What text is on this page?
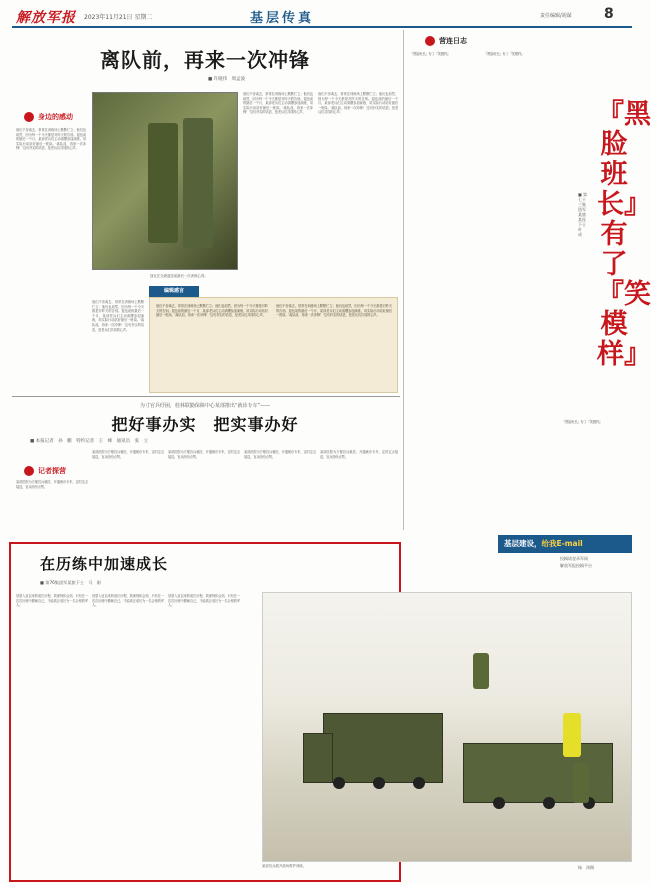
解放军报 2023年11月21日 星期二	基层传真	责任编辑/胡谋 8
离队前，再来一次冲锋
■ 许晓伟　周孟波
身边的感动
他们不舍离去，常常在训练场上默默伫立；他们也坦然，因为每一个今天都是对昨天的告别。退伍前的最后一个月，某部老兵们主动请缨参加演练，用实际行动站好最后一班岗。'离队前，再来一次冲锋！'这句朴实的话语，是老兵们共同的心声。
战友在交流退伍前最后一次训练心得。
他们不舍离去，常常在训练场上默默伫立；他们也坦然，因为每一个今天都是对昨天的告别。退伍前的最后一个月，某部老兵们主动请缨参加演练，用实际行动站好最后一班岗。'离队前，再来一次冲锋！'这句朴实的话语，是老兵们共同的心声。
他们不舍离去，常常在训练场上默默伫立；他们也坦然，因为每一个今天都是对昨天的告别。退伍前的最后一个月，某部老兵们主动请缨参加演练，用实际行动站好最后一班岗。'离队前，再来一次冲锋！'这句朴实的话语，是老兵们共同的心声。
编辑感言
他们不舍离去，常常在训练场上默默伫立；他们也坦然，因为每一个今天都是对昨天的告别。退伍前的最后一个月，某部老兵们主动请缨参加演练，用实际行动站好最后一班岗。'离队前，再来一次冲锋！'这句朴实的话语，是老兵们共同的心声。
他们不舍离去，常常在训练场上默默伫立；他们也坦然，因为每一个今天都是对昨天的告别。退伍前的最后一个月，某部老兵们主动请缨参加演练，用实际行动站好最后一班岗。'离队前，再来一次冲锋！'这句朴实的话语，是老兵们共同的心声。
他们不舍离去，常常在训练场上默默伫立；他们也坦然，因为每一个今天都是对昨天的告别。退伍前的最后一个月，某部老兵们主动请缨参加演练，用实际行动站好最后一班岗。'离队前，再来一次冲锋！'这句朴实的话语，是老兵们共同的心声。
为寸官兵纾困，桂林联勤保障中心某部推出“就诊专车”——
把好事办实　把实事办好
■ 本报记者　孙　鹏　特约记者　王　峰　通讯员　张　立
记者探营
某部医院为方便官兵就医，开通就诊专车，定时定点接送，官兵纷纷点赞。
某部医院为方便官兵就医，开通就诊专车，定时定点接送，官兵纷纷点赞。
某部医院为方便官兵就医，开通就诊专车，定时定点接送，官兵纷纷点赞。
某部医院为方便官兵就医，开通就诊专车，定时定点接送，官兵纷纷点赞。
某部医院为方便官兵就医，开通就诊专车，定时定点接送，官兵纷纷点赞。
在历练中加速成长
■ 第76集团军某旅下士　马　刚
回望入伍以来的成长历程，我深刻体会到，只有在一次次历练中磨砺自己，才能真正成长为一名合格的军人。
回望入伍以来的成长历程，我深刻体会到，只有在一次次历练中磨砺自己，才能真正成长为一名合格的军人。
回望入伍以来的成长历程，我深刻体会到，只有在一次次历练中磨砺自己，才能真正成长为一名合格的军人。
某部官兵展开战场救护训练。	杨　涛摄
营连日志
『黑脸班长』有了『笑模样』	『黑脸班长』有了『笑模样』
『黑脸班长』有了『笑模样』
『黑脸班长』有了『笑模样』
■ 第七十三集团军某旅某连下士　叶　成
基层建设，给我E-mail
投稿请登录军网
解放军报投稿平台
